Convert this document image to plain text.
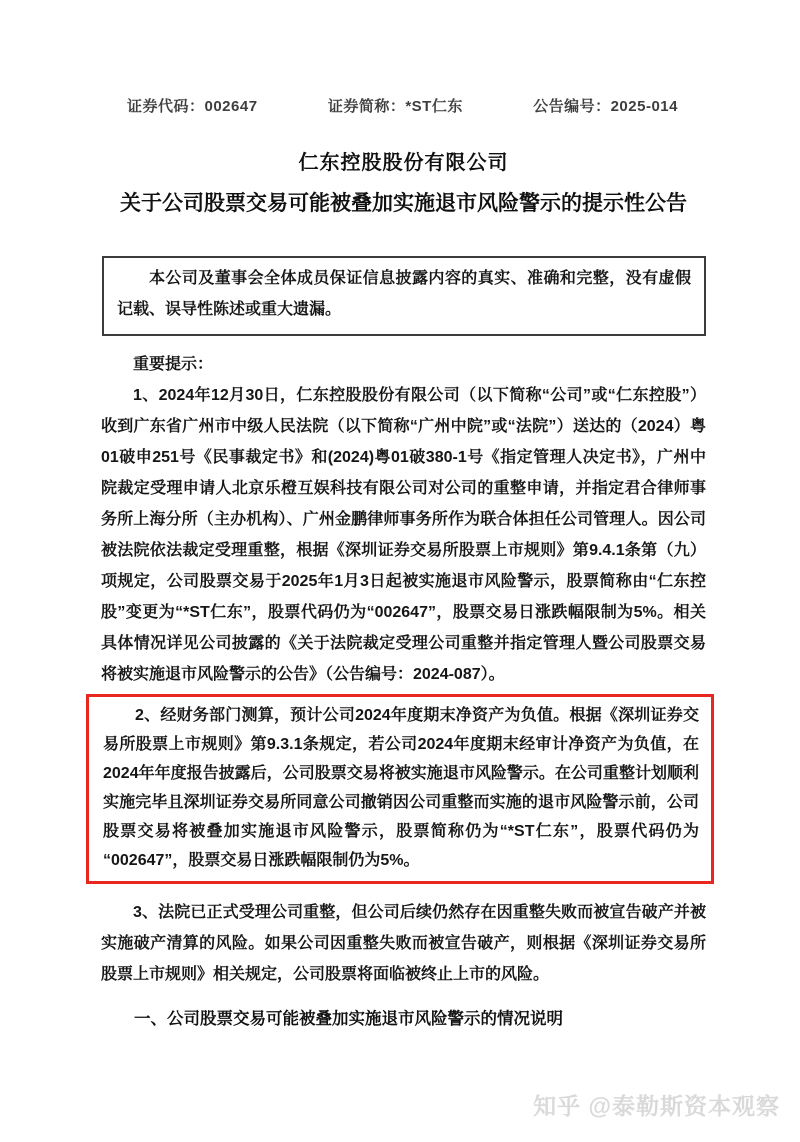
证券代码：002647	证券简称：*ST仁东	公告编号：2025-014
仁东控股股份有限公司
关于公司股票交易可能被叠加实施退市风险警示的提示性公告

本公司及董事会全体成员保证信息披露内容的真实、准确和完整，没有虚假记载、误导性陈述或重大遗漏。

重要提示：

1、2024年12月30日，仁东控股股份有限公司（以下简称“公司”或“仁东控股”）收到广东省广州市中级人民法院（以下简称“广州中院”或“法院”）送达的（2024）粤01破申251号《民事裁定书》和(2024)粤01破380-1号《指定管理人决定书》，广州中院裁定受理申请人北京乐橙互娱科技有限公司对公司的重整申请，并指定君合律师事务所上海分所（主办机构）、广州金鹏律师事务所作为联合体担任公司管理人。因公司被法院依法裁定受理重整，根据《深圳证券交易所股票上市规则》第9.4.1条第（九）项规定，公司股票交易于2025年1月3日起被实施退市风险警示，股票简称由“仁东控股”变更为“*ST仁东”，股票代码仍为“002647”，股票交易日涨跌幅限制为5%。相关具体情况详见公司披露的《关于法院裁定受理公司重整并指定管理人暨公司股票交易将被实施退市风险警示的公告》（公告编号：2024-087）。

2、经财务部门测算，预计公司2024年度期末净资产为负值。根据《深圳证券交易所股票上市规则》第9.3.1条规定，若公司2024年度期末经审计净资产为负值，在2024年年度报告披露后，公司股票交易将被实施退市风险警示。在公司重整计划顺利实施完毕且深圳证券交易所同意公司撤销因公司重整而实施的退市风险警示前，公司股票交易将被叠加实施退市风险警示，股票简称仍为“*ST仁东”，股票代码仍为“002647”，股票交易日涨跌幅限制仍为5%。

3、法院已正式受理公司重整，但公司后续仍然存在因重整失败而被宣告破产并被实施破产清算的风险。如果公司因重整失败而被宣告破产，则根据《深圳证券交易所股票上市规则》相关规定，公司股票将面临被终止上市的风险。

一、公司股票交易可能被叠加实施退市风险警示的情况说明

知乎 @泰勒斯资本观察
